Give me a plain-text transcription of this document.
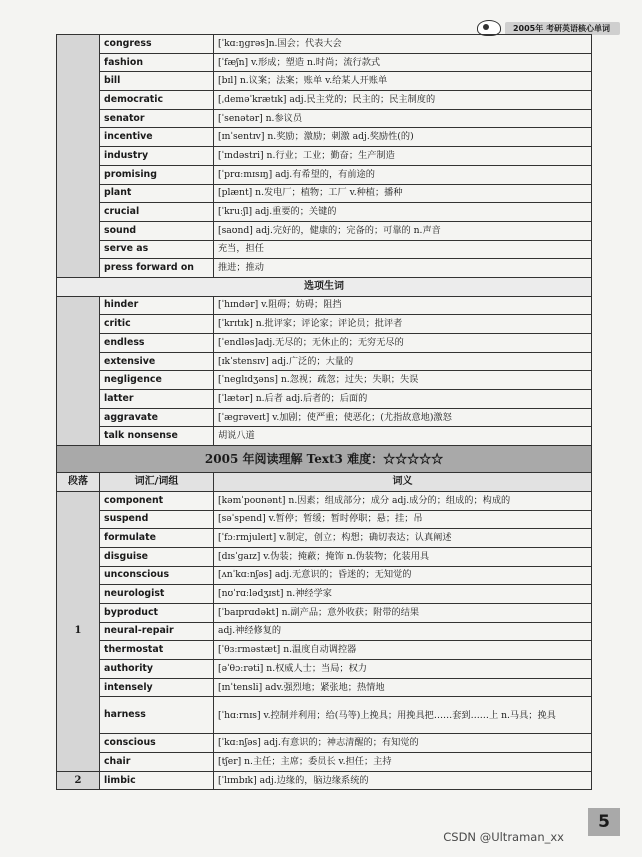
2005年 考研英语核心单词
	congress	[ˈkɑːŋgrəs]n.国会；代表大会
	fashion	[ˈfæʃn] v.形成；塑造 n.时尚；流行款式
	bill	[bɪl] n.议案；法案；账单 v.给某人开账单
	democratic	[ˌdeməˈkrætɪk] adj.民主党的；民主的；民主制度的
	senator	[ˈsenətər] n.参议员
	incentive	[ɪnˈsentɪv] n.奖励；激励；刺激 adj.奖励性(的)
	industry	[ˈɪndəstri] n.行业；工业；勤奋；生产制造
	promising	[ˈprɑːmɪsɪŋ] adj.有希望的，有前途的
	plant	[plænt] n.发电厂；植物；工厂 v.种植；播种
	crucial	[ˈkruːʃl] adj.重要的；关键的
	sound	[saʊnd] adj.完好的，健康的；完备的；可靠的 n.声音
	serve as	充当，担任
	press forward on	推进；推动
选项生词		
	hinder	[ˈhɪndər] v.阻碍；妨碍；阻挡
	critic	[ˈkrɪtɪk] n.批评家；评论家；评论员；批评者
	endless	[ˈendləs]adj.无尽的；无休止的；无穷无尽的
	extensive	[ɪkˈstensɪv] adj.广泛的；大量的
	negligence	[ˈneglɪdʒəns] n.忽视；疏忽；过失；失职；失误
	latter	[ˈlætər] n.后者 adj.后者的；后面的
	aggravate	[ˈæɡrəveɪt] v.加剧；使严重；使恶化；(尤指故意地)激怒
	talk nonsense	胡说八道
2005 年阅读理解 Text3 难度：☆☆☆☆☆		
段落	词汇/词组	词义
1	component	[kəmˈpoʊnənt] n.因素；组成部分；成分 adj.成分的；组成的；构成的
	suspend	[səˈspend] v.暂停；暂缓；暂时停职；悬；挂；吊
	formulate	[ˈfɔːrmjuleɪt] v.制定，创立；构想；确切表达；认真阐述
	disguise	[dɪsˈɡaɪz] v.伪装；掩蔽；掩饰 n.伪装物；化装用具
	unconscious	[ʌnˈkɑːnʃəs] adj.无意识的；昏迷的；无知觉的
	neurologist	[nʊˈrɑːlədʒɪst] n.神经学家
	byproduct	[ˈbaɪprɑdəkt] n.副产品；意外收获；附带的结果
	neural-repair	adj.神经修复的
	thermostat	[ˈθɜːrməstæt] n.温度自动调控器
	authority	[əˈθɔːrəti] n.权威人士；当局；权力
	intensely	[ɪnˈtensli] adv.强烈地；紧张地；热情地
	harness	[ˈhɑːrnɪs] v.控制并利用；给(马等)上挽具；用挽具把……套到……上 n.马具；挽具
	conscious	[ˈkɑːnʃəs] adj.有意识的；神志清醒的；有知觉的
	chair	[tʃer] n.主任；主席；委员长 v.担任；主持
2	limbic	[ˈlɪmbɪk] adj.边缘的，脑边缘系统的
5
CSDN @Ultraman_xx
